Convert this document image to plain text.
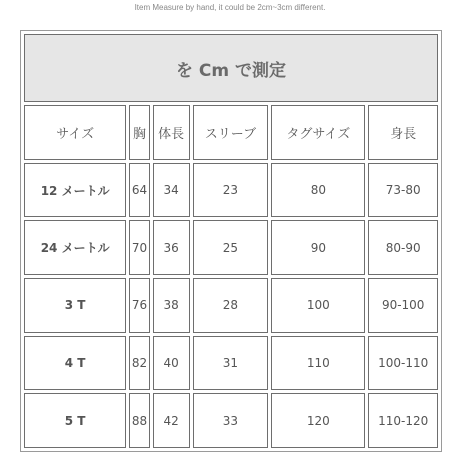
Item Measure by hand, it could be 2cm~3cm different.
を Cm で測定					
サイズ	胸	体長	スリーブ	タグサイズ	身長
12 メートル	64	34	23	80	73-80
24 メートル	70	36	25	90	80-90
3 T	76	38	28	100	90-100
4 T	82	40	31	110	100-110
5 T	88	42	33	120	110-120
